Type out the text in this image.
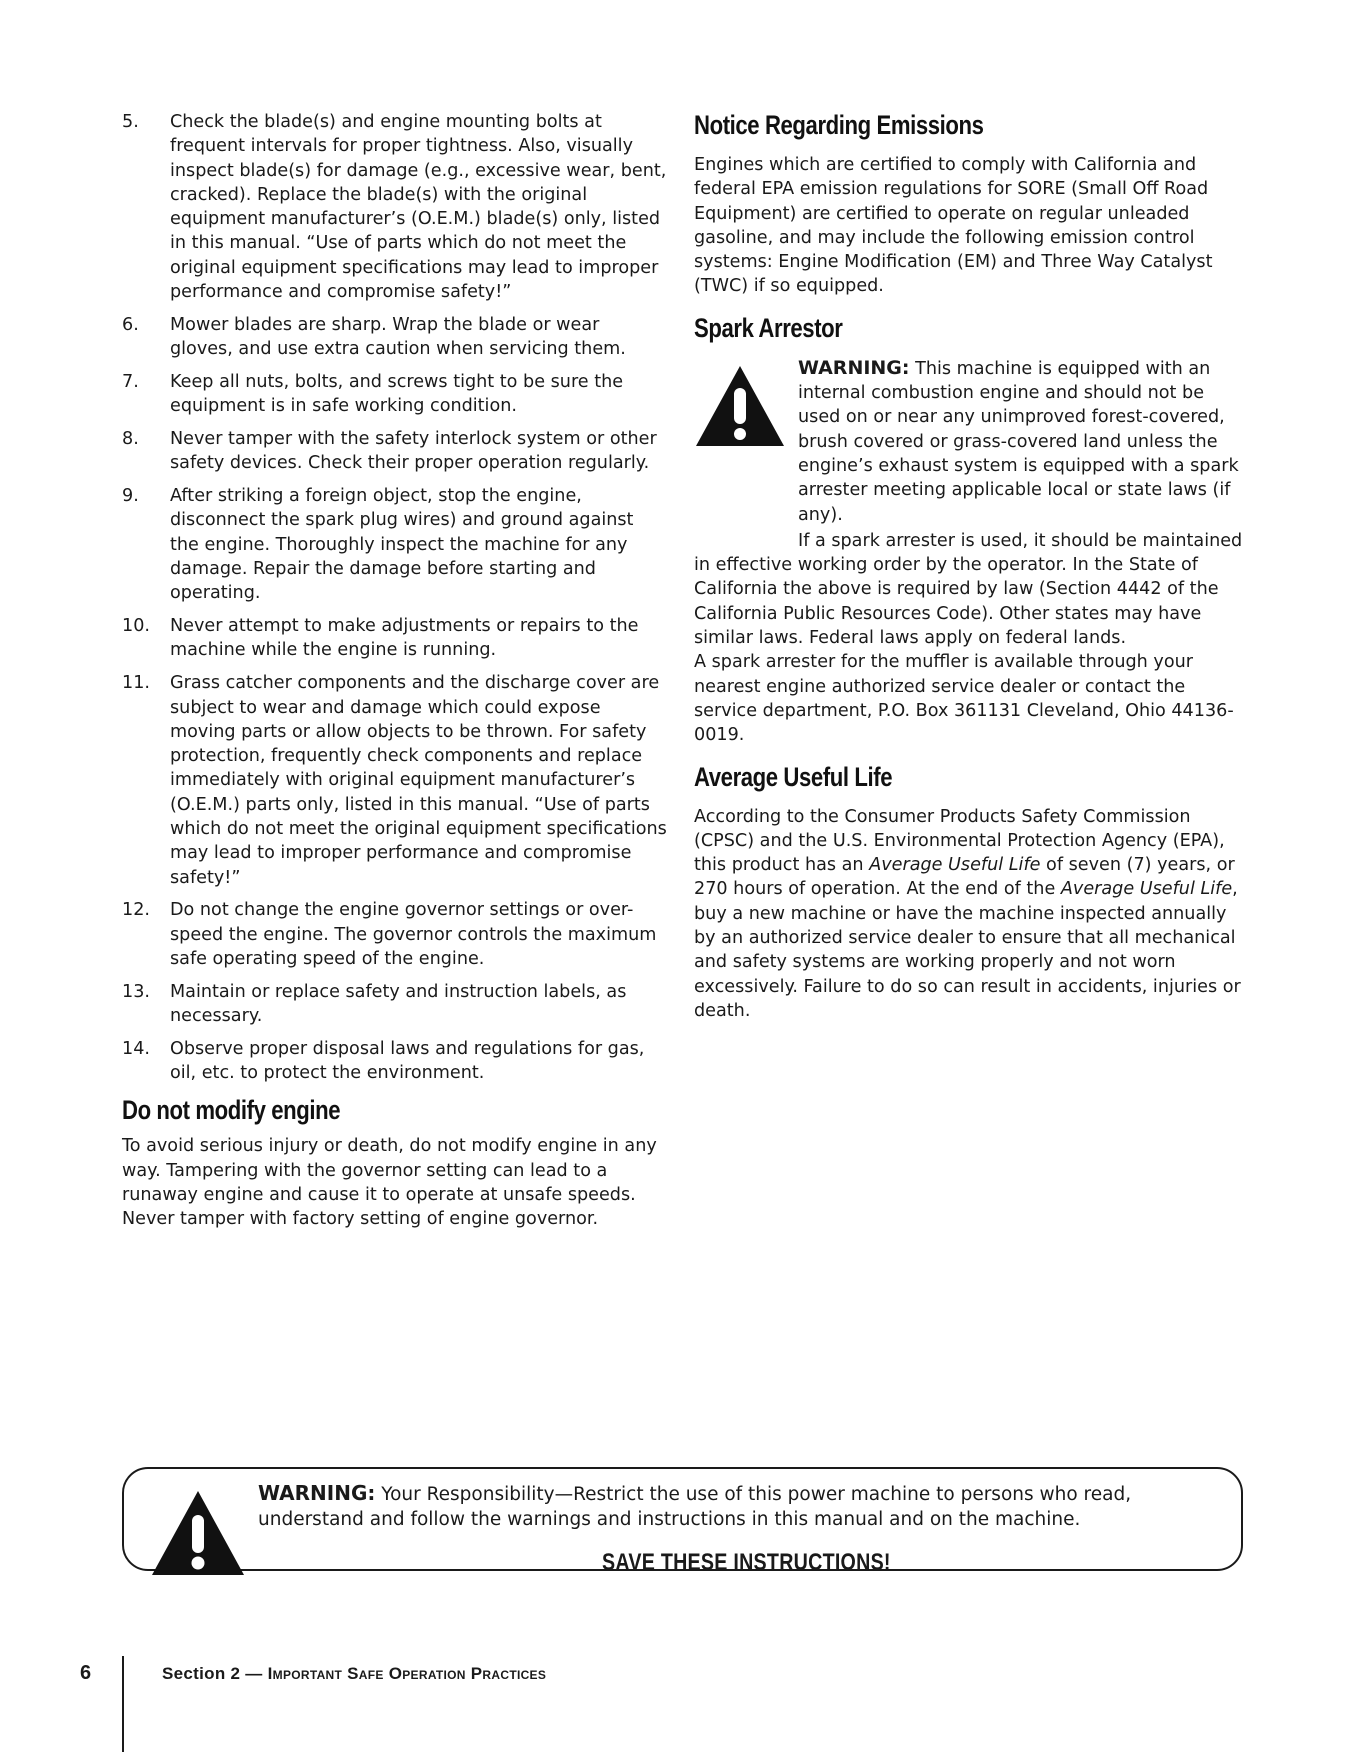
5.	Check the blade(s) and engine mounting bolts at frequent intervals for proper tightness. Also, visually inspect blade(s) for damage (e.g., excessive wear, bent, cracked). Replace the blade(s) with the original equipment manufacturer’s (O.E.M.) blade(s) only, listed in this manual. “Use of parts which do not meet the original equipment specifications may lead to improper performance and compromise safety!”
6.	Mower blades are sharp. Wrap the blade or wear gloves, and use extra caution when servicing them.
7.	Keep all nuts, bolts, and screws tight to be sure the equipment is in safe working condition.
8.	Never tamper with the safety interlock system or other safety devices. Check their proper operation regularly.
9.	After striking a foreign object, stop the engine, disconnect the spark plug wires) and ground against the engine. Thoroughly inspect the machine for any damage. Repair the damage before starting and operating.
10.	Never attempt to make adjustments or repairs to the machine while the engine is running.
11.	Grass catcher components and the discharge cover are subject to wear and damage which could expose moving parts or allow objects to be thrown. For safety protection, frequently check components and replace immediately with original equipment manufacturer’s (O.E.M.) parts only, listed in this manual. “Use of parts which do not meet the original equipment specifications may lead to improper performance and compromise safety!”
12.	Do not change the engine governor settings or over-speed the engine. The governor controls the maximum safe operating speed of the engine.
13.	Maintain or replace safety and instruction labels, as necessary.
14.	Observe proper disposal laws and regulations for gas, oil, etc. to protect the environment.
Do not modify engine

To avoid serious injury or death, do not modify engine in any way. Tampering with the governor setting can lead to a runaway engine and cause it to operate at unsafe speeds. Never tamper with factory setting of engine governor.

Notice Regarding Emissions

Engines which are certified to comply with California and federal EPA emission regulations for SORE (Small Off Road Equipment) are certified to operate on regular unleaded gasoline, and may include the following emission control systems: Engine Modification (EM) and Three Way Catalyst (TWC) if so equipped.

Spark Arrestor
WARNING: This machine is equipped with an internal combustion engine and should not be used on or near any unimproved forest-covered, brush covered or grass-covered land unless the engine’s exhaust system is equipped with a spark arrester meeting applicable local or state laws (if any).

If a spark arrester is used, it should be maintained in effective working order by the operator. In the State of California the above is required by law (Section 4442 of the California Public Resources Code). Other states may have similar laws. Federal laws apply on federal lands.

A spark arrester for the muffler is available through your nearest engine authorized service dealer or contact the service department, P.O. Box 361131 Cleveland, Ohio 44136-0019.

Average Useful Life

According to the Consumer Products Safety Commission (CPSC) and the U.S. Environmental Protection Agency (EPA), this product has an Average Useful Life of seven (7) years, or 270 hours of operation. At the end of the Average Useful Life, buy a new machine or have the machine inspected annually by an authorized service dealer to ensure that all mechanical and safety systems are working properly and not worn excessively. Failure to do so can result in accidents, injuries or death.

WARNING: Your Responsibility—Restrict the use of this power machine to persons who read, understand and follow the warnings and instructions in this manual and on the machine.
SAVE THESE INSTRUCTIONS!
6	Section 2 — Important Safe Operation Practices
